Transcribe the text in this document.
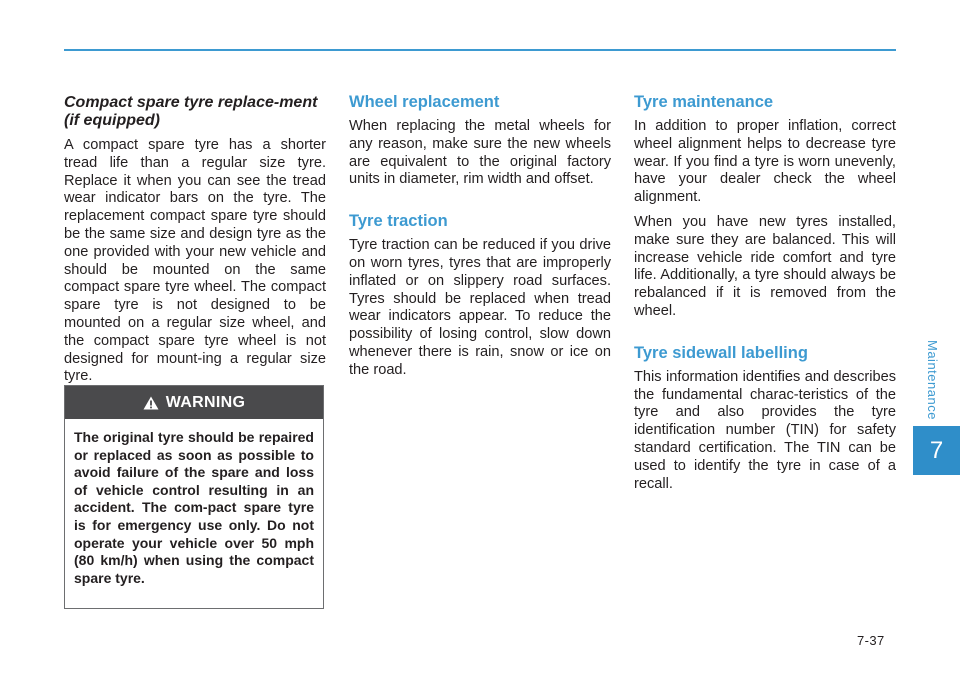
Compact spare tyre replace-ment (if equipped)

A compact spare tyre has a shorter tread life than a regular size tyre. Replace it when you can see the tread wear indicator bars on the tyre. The replacement compact spare tyre should be the same size and design tyre as the one provided with your new vehicle and should be mounted on the same compact spare tyre wheel. The compact spare tyre is not designed to be mounted on a regular size wheel, and the compact spare tyre wheel is not designed for mount-ing a regular size tyre.

WARNING
The original tyre should be repaired or replaced as soon as possible to avoid failure of the spare and loss of vehicle control resulting in an accident. The com-pact spare tyre is for emergency use only. Do not operate your vehicle over 50 mph (80 km/h) when using the compact spare tyre.
Wheel replacement

When replacing the metal wheels for any reason, make sure the new wheels are equivalent to the original factory units in diameter, rim width and offset.

Tyre traction

Tyre traction can be reduced if you drive on worn tyres, tyres that are improperly inflated or on slippery road surfaces. Tyres should be replaced when tread wear indicators appear. To reduce the possibility of losing control, slow down whenever there is rain, snow or ice on the road.

Tyre maintenance

In addition to proper inflation, correct wheel alignment helps to decrease tyre wear. If you find a tyre is worn unevenly, have your dealer check the wheel alignment.

When you have new tyres installed, make sure they are balanced. This will increase vehicle ride comfort and tyre life. Additionally, a tyre should always be rebalanced if it is removed from the wheel.

Tyre sidewall labelling

This information identifies and describes the fundamental charac-teristics of the tyre and also provides the tyre identification number (TIN) for safety standard certification. The TIN can be used to identify the tyre in case of a recall.

Maintenance
7
7-37
